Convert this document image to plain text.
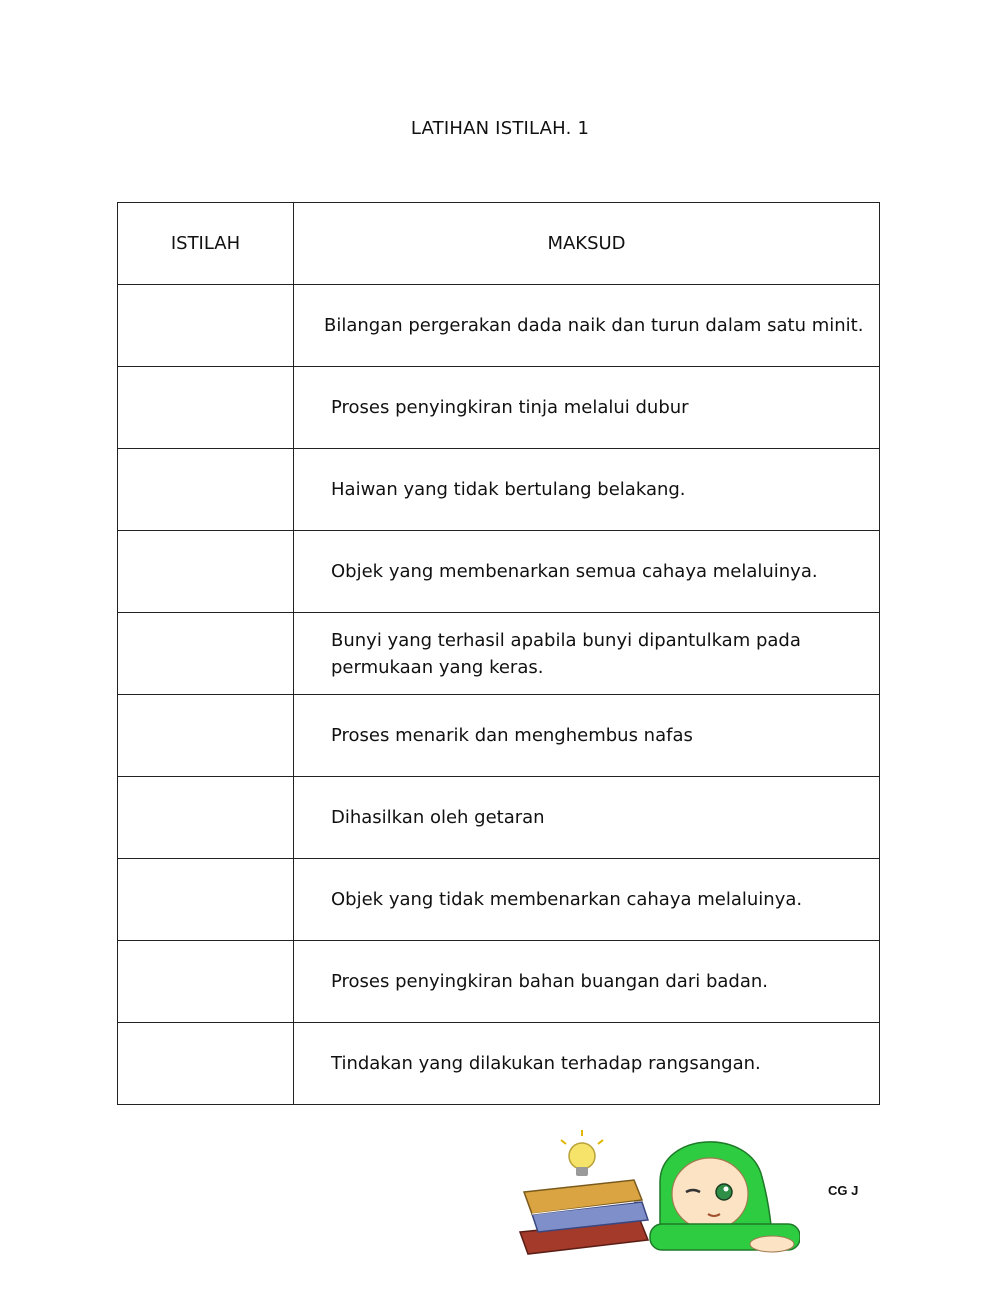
LATIHAN ISTILAH. 1
ISTILAH	MAKSUD

	Bilangan pergerakan dada naik dan turun dalam satu minit.

	Proses penyingkiran tinja melalui dubur

	Haiwan yang tidak bertulang belakang.

	Objek yang membenarkan semua cahaya melaluinya.

	Bunyi yang terhasil apabila bunyi dipantulkam pada permukaan yang keras.

	Proses menarik dan menghembus nafas

	Dihasilkan oleh getaran

	Objek yang tidak membenarkan cahaya melaluinya.

	Proses penyingkiran bahan buangan dari badan.

	Tindakan yang dilakukan terhadap rangsangan.
CG J
